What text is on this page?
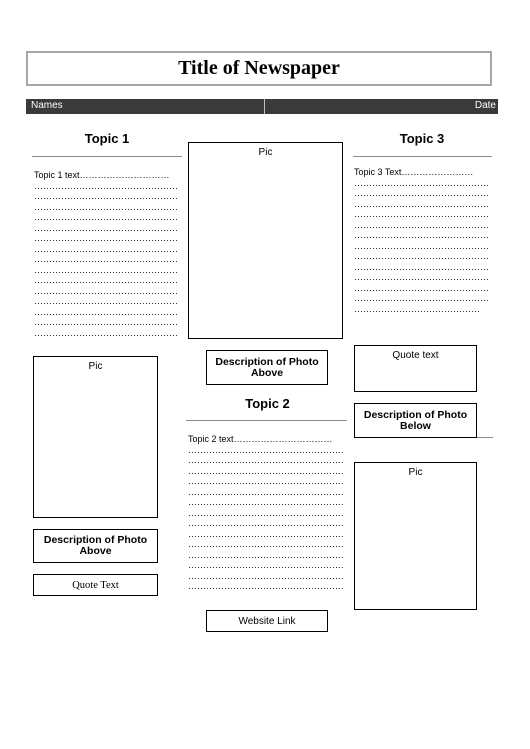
Title of Newspaper
Names	Date
Topic 1
Topic 1 text…………………………
…………………………………………
…………………………………………
…………………………………………
…………………………………………
…………………………………………
…………………………………………
…………………………………………
…………………………………………
…………………………………………
…………………………………………
…………………………………………
…………………………………………
…………………………………………
…………………………………………
…………………………………………
Pic
Description of Photo Above
Quote Text
Pic
Description of Photo Above
Topic 2
Topic 2 text……………………………
…………………………………………….
…………………………………………….
…………………………………………….
…………………………………………….
…………………………………………….
…………………………………………….
…………………………………………….
…………………………………………….
…………………………………………….
…………………………………………….
…………………………………………….
…………………………………………….
…………………………………………….
…………………………………………….
Website Link
Topic 3
Topic 3 Text……………………
………………………………………
………………………………………
………………………………………
………………………………………
………………………………………
………………………………………
………………………………………
………………………………………
………………………………………
………………………………………
………………………………………
………………………………………
……………………………………
Quote text
Description of Photo Below
Pic
